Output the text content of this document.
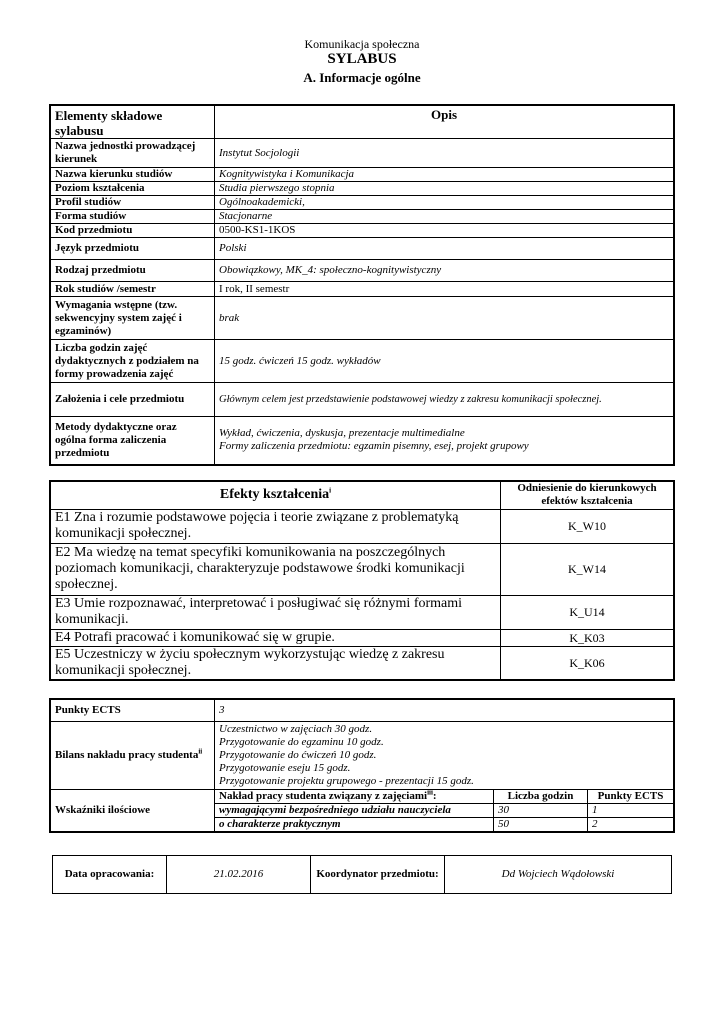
Komunikacja społeczna
SYLABUS
A. Informacje ogólne
Elementy składowe sylabusu	Opis
Nazwa jednostki prowadzącej kierunek	Instytut Socjologii
Nazwa kierunku studiów	Kognitywistyka i Komunikacja
Poziom kształcenia	Studia pierwszego stopnia
Profil studiów	Ogólnoakademicki,
Forma studiów	Stacjonarne
Kod przedmiotu	0500-KS1-1KOS
Język przedmiotu	Polski
Rodzaj przedmiotu	Obowiązkowy, MK_4: społeczno-kognitywistyczny
Rok studiów /semestr	I rok, II semestr
Wymagania wstępne (tzw. sekwencyjny system zajęć i egzaminów)	brak
Liczba godzin zajęć dydaktycznych z podziałem na formy prowadzenia zajęć	15 godz. ćwiczeń 15 godz. wykładów
Założenia i cele przedmiotu	Głównym celem jest przedstawienie podstawowej wiedzy z zakresu komunikacji społecznej.
Metody dydaktyczne oraz ogólna forma zaliczenia przedmiotu	Wykład, ćwiczenia, dyskusja, prezentacje multimedialne
Formy zaliczenia przedmiotu: egzamin pisemny, esej, projekt grupowy
Efekty kształcenia$^i$	Odniesienie do kierunkowych efektów kształcenia
E1 Zna i rozumie podstawowe pojęcia i teorie związane z problematyką komunikacji społecznej.	K_W10
E2 Ma wiedzę na temat specyfiki komunikowania na poszczególnych poziomach komunikacji, charakteryzuje podstawowe środki komunikacji społecznej.	K_W14
E3 Umie rozpoznawać, interpretować i posługiwać się różnymi formami komunikacji.	K_U14
E4 Potrafi pracować i komunikować się w grupie.	K_K03
E5 Uczestniczy w życiu społecznym wykorzystując wiedzę z zakresu komunikacji społecznej.	K_K06
Punkty ECTS	3		
Bilans nakładu pracy studenta$^{ii}$	Uczestnictwo w zajęciach 30 godz.
Przygotowanie do egzaminu 10 godz.
Przygotowanie do ćwiczeń 10 godz.
Przygotowanie eseju 15 godz.
Przygotowanie projektu grupowego - prezentacji 15 godz.		

Wskaźniki ilościowe	Nakład pracy studenta związany z zajęciami$^{iii}$:	Liczba godzin	Punkty ECTS
	wymagającymi bezpośredniego udziału nauczyciela	30	1
	o charakterze praktycznym	50	2
Data opracowania:	21.02.2016	Koordynator przedmiotu:	Dd Wojciech Wądołowski
